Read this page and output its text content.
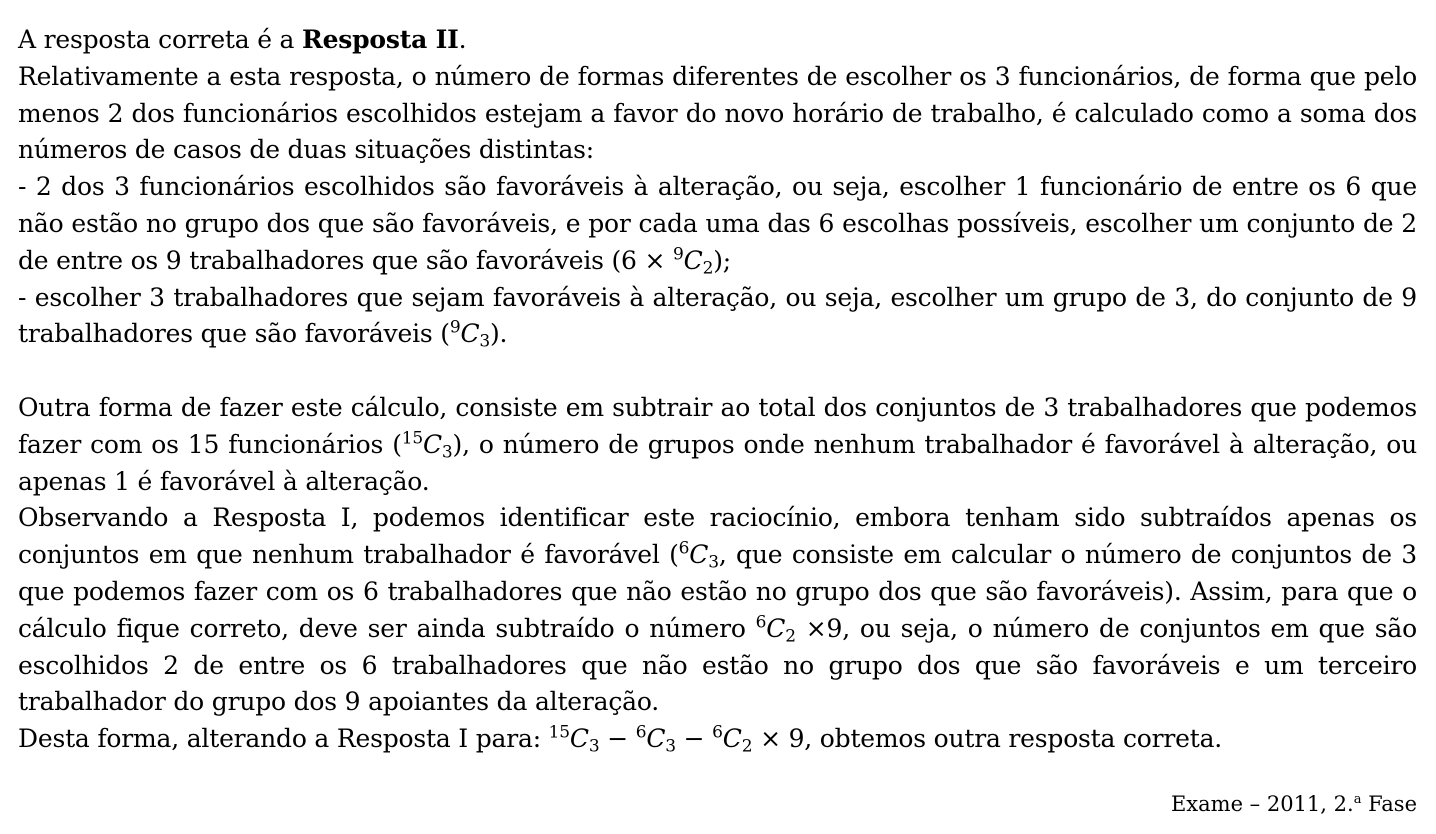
A resposta correta é a Resposta II.

Relativamente a esta resposta, o número de formas diferentes de escolher os 3 funcionários, de forma que pelo menos 2 dos funcionários escolhidos estejam a favor do novo horário de trabalho, é calculado como a soma dos números de casos de duas situações distintas:

- 2 dos 3 funcionários escolhidos são favoráveis à alteração, ou seja, escolher 1 funcionário de entre os 6 que não estão no grupo dos que são favoráveis, e por cada uma das 6 escolhas possíveis, escolher um conjunto de 2 de entre os 9 trabalhadores que são favoráveis $(6 \times ^9C_2)$;

- escolher 3 trabalhadores que sejam favoráveis à alteração, ou seja, escolher um grupo de 3, do conjunto de 9 trabalhadores que são favoráveis $(^9C_3)$.

Outra forma de fazer este cálculo, consiste em subtrair ao total dos conjuntos de 3 trabalhadores que podemos fazer com os 15 funcionários $(^{15}C_3)$, o número de grupos onde nenhum trabalhador é favorável à alteração, ou apenas 1 é favorável à alteração.

Observando a Resposta I, podemos identificar este raciocínio, embora tenham sido subtraídos apenas os conjuntos em que nenhum trabalhador é favorável ($^6C_3$, que consiste em calcular o número de conjuntos de 3 que podemos fazer com os 6 trabalhadores que não estão no grupo dos que são favoráveis). Assim, para que o cálculo fique correto, deve ser ainda subtraído o número $^6C_2 \times 9$, ou seja, o número de conjuntos em que são escolhidos 2 de entre os 6 trabalhadores que não estão no grupo dos que são favoráveis e um terceiro trabalhador do grupo dos 9 apoiantes da alteração.

Desta forma, alterando a Resposta I para: $^{15}C_3 - ^6C_3 - ^6C_2 \times 9$, obtemos outra resposta correta.

Exame – 2011, 2.$^a$ Fase
